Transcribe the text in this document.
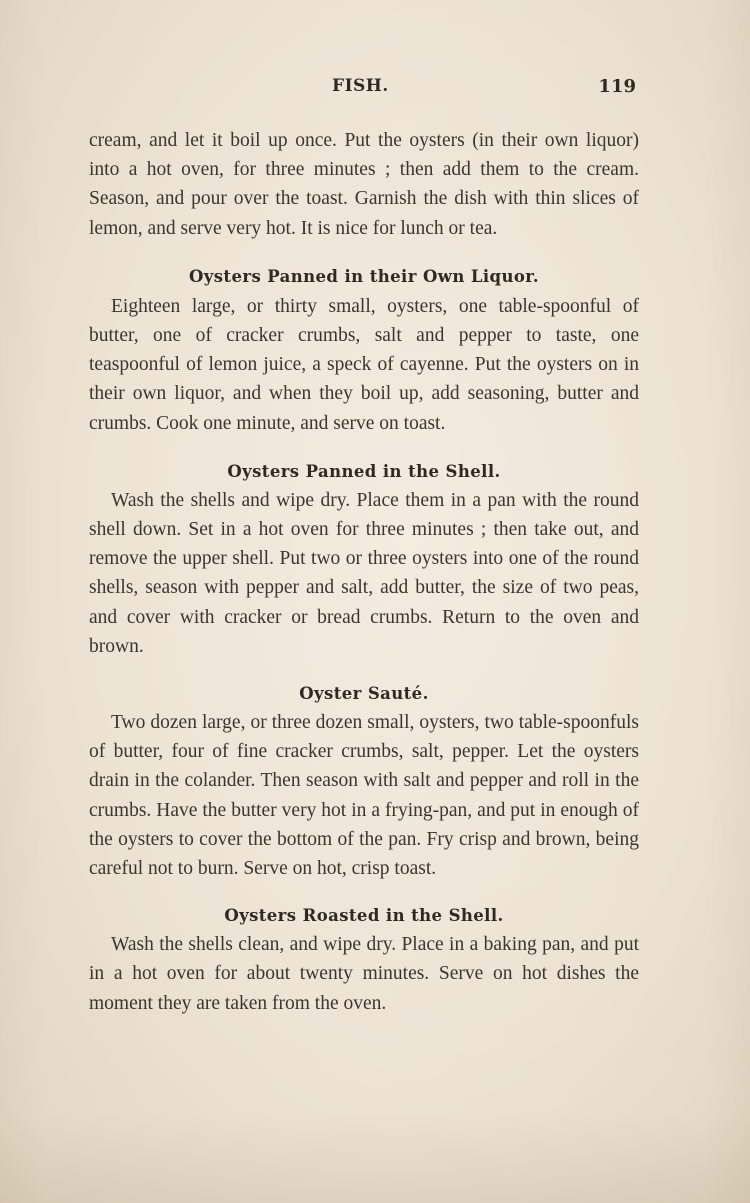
FISH.	119

cream, and let it boil up once. Put the oysters (in their own liquor) into a hot oven, for three minutes ; then add them to the cream. Season, and pour over the toast. Garnish the dish with thin slices of lemon, and serve very hot. It is nice for lunch or tea.

Oysters Panned in their Own Liquor.

Eighteen large, or thirty small, oysters, one table-spoonful of butter, one of cracker crumbs, salt and pepper to taste, one teaspoonful of lemon juice, a speck of cayenne. Put the oysters on in their own liquor, and when they boil up, add seasoning, butter and crumbs. Cook one minute, and serve on toast.

Oysters Panned in the Shell.

Wash the shells and wipe dry. Place them in a pan with the round shell down. Set in a hot oven for three minutes ; then take out, and remove the upper shell. Put two or three oysters into one of the round shells, season with pepper and salt, add butter, the size of two peas, and cover with cracker or bread crumbs. Return to the oven and brown.

Oyster Sauté.

Two dozen large, or three dozen small, oysters, two table-spoonfuls of butter, four of fine cracker crumbs, salt, pepper. Let the oysters drain in the colander. Then season with salt and pepper and roll in the crumbs. Have the butter very hot in a frying-pan, and put in enough of the oysters to cover the bottom of the pan. Fry crisp and brown, being careful not to burn. Serve on hot, crisp toast.

Oysters Roasted in the Shell.

Wash the shells clean, and wipe dry. Place in a baking pan, and put in a hot oven for about twenty minutes. Serve on hot dishes the moment they are taken from the oven.
